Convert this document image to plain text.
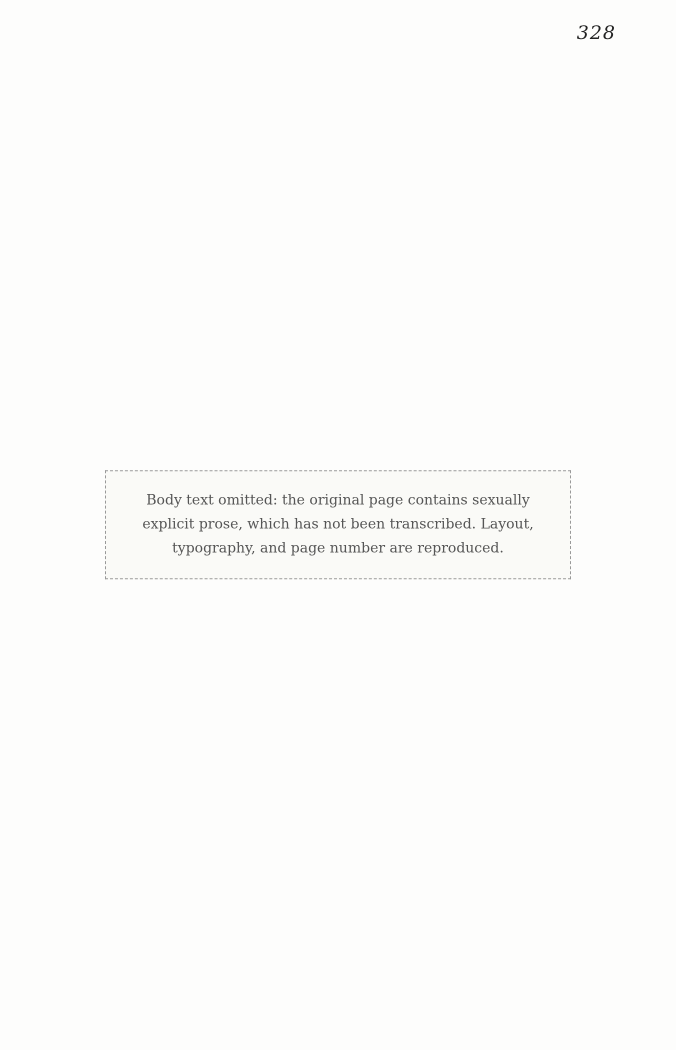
328

Body text omitted: the original page contains sexually explicit prose, which has not been transcribed. Layout, typography, and page number are reproduced.
